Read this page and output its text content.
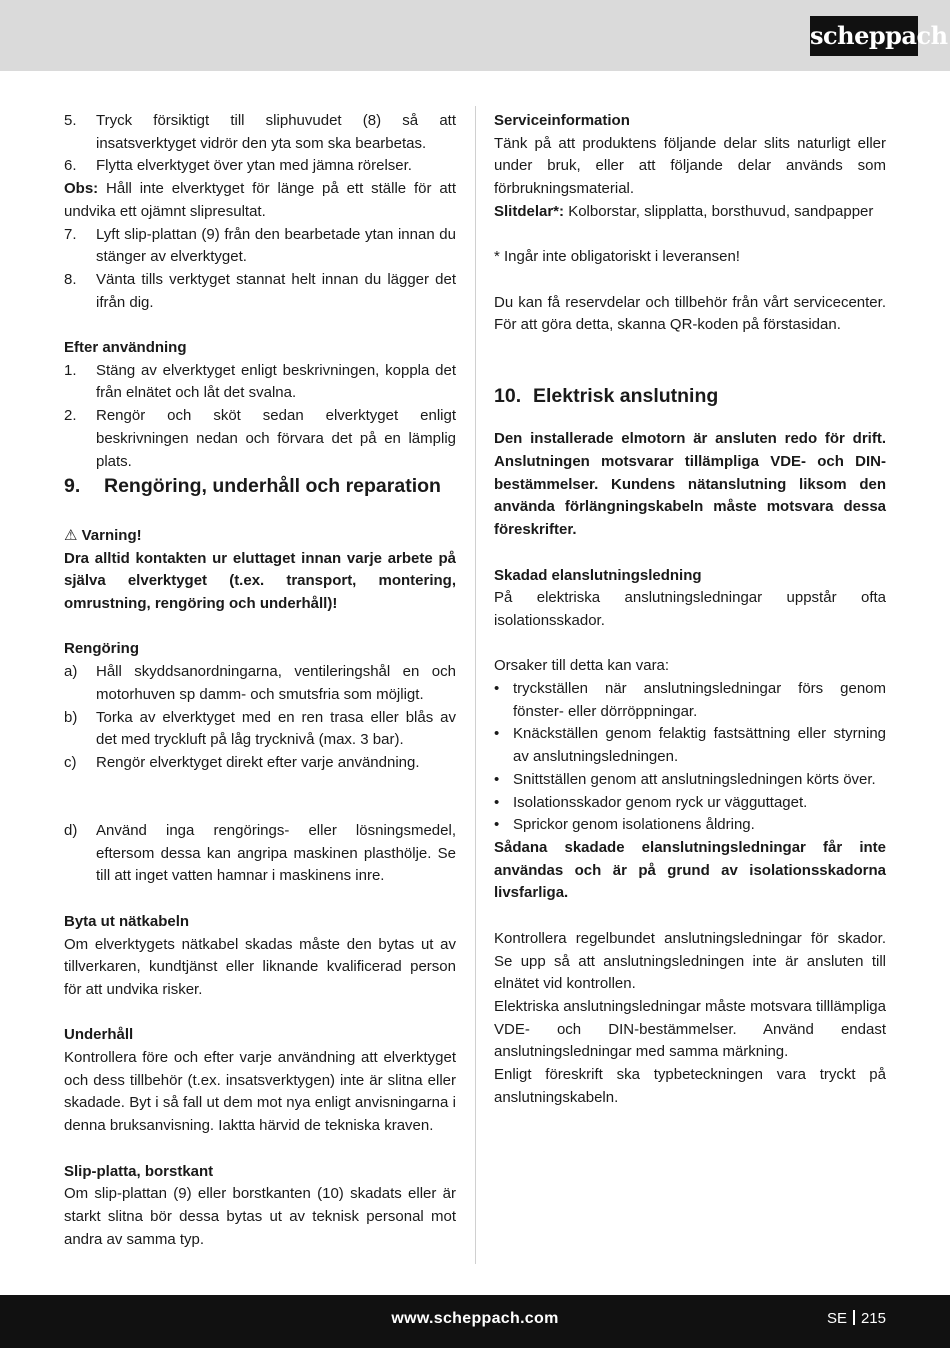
scheppach
5. Tryck försiktigt till sliphuvudet (8) så att insatsverktyget vidrör den yta som ska bearbetas.
6. Flytta elverktyget över ytan med jämna rörelser.

Obs: Håll inte elverktyget för länge på ett ställe för att undvika ett ojämnt slipresultat.

7. Lyft slip-plattan (9) från den bearbetade ytan innan du stänger av elverktyget.
8. Vänta tills verktyget stannat helt innan du lägger det ifrån dig.

Efter användning

1. Stäng av elverktyget enligt beskrivningen, koppla det från elnätet och låt det svalna.
2. Rengör och sköt sedan elverktyget enligt beskrivningen nedan och förvara det på en lämplig plats.
9. Rengöring, underhåll och reparation

⚠ Varning!

Dra alltid kontakten ur eluttaget innan varje arbete på själva elverktyget (t.ex. transport, montering, omrustning, rengöring och underhåll)!

Rengöring

a) Håll skyddsanordningarna, ventileringshål en och motorhuven sp damm- och smutsfria som möjligt.
b) Torka av elverktyget med en ren trasa eller blås av det med tryckluft på låg trycknivå (max. 3 bar).
c) Rengör elverktyget direkt efter varje användning.
d) Använd inga rengörings- eller lösningsmedel, eftersom dessa kan angripa maskinen plasthölje. Se till att inget vatten hamnar i maskinens inre.

Byta ut nätkabeln

Om elverktygets nätkabel skadas måste den bytas ut av tillverkaren, kundtjänst eller liknande kvalificerad person för att undvika risker.

Underhåll

Kontrollera före och efter varje användning att elverktyget och dess tillbehör (t.ex. insatsverktygen) inte är slitna eller skadade. Byt i så fall ut dem mot nya enligt anvisningarna i denna bruksanvisning. Iaktta härvid de tekniska kraven.

Slip-platta, borstkant

Om slip-plattan (9) eller borstkanten (10) skadats eller är starkt slitna bör dessa bytas ut av teknisk personal mot andra av samma typ.

Serviceinformation

Tänk på att produktens följande delar slits naturligt eller under bruk, eller att följande delar används som förbrukningsmaterial.

Slitdelar*: Kolborstar, slipplatta, borsthuvud, sandpapper

* Ingår inte obligatoriskt i leveransen!

Du kan få reservdelar och tillbehör från vårt servicecenter. För att göra detta, skanna QR-koden på förstasidan.

10. Elektrisk anslutning

Den installerade elmotorn är ansluten redo för drift. Anslutningen motsvarar tillämpliga VDE- och DIN-bestämmelser. Kundens nätanslutning liksom den använda förlängningskabeln måste motsvara dessa föreskrifter.

Skadad elanslutningsledning

På elektriska anslutningsledningar uppstår ofta isolationsskador.

Orsaker till detta kan vara:

• tryckställen när anslutningsledningar förs genom fönster- eller dörröppningar.
• Knäckställen genom felaktig fastsättning eller styrning av anslutningsledningen.
• Snittställen genom att anslutningsledningen körts över.
• Isolationsskador genom ryck ur vägguttaget.
• Sprickor genom isolationens åldring.

Sådana skadade elanslutningsledningar får inte användas och är på grund av isolationsskadorna livsfarliga.

Kontrollera regelbundet anslutningsledningar för skador. Se upp så att anslutningsledningen inte är ansluten till elnätet vid kontrollen.

Elektriska anslutningsledningar måste motsvara tilllämpliga VDE- och DIN-bestämmelser. Använd endast anslutningsledningar med samma märkning.

Enligt föreskrift ska typbeteckningen vara tryckt på anslutningskabeln.

www.scheppach.com	SE 215
